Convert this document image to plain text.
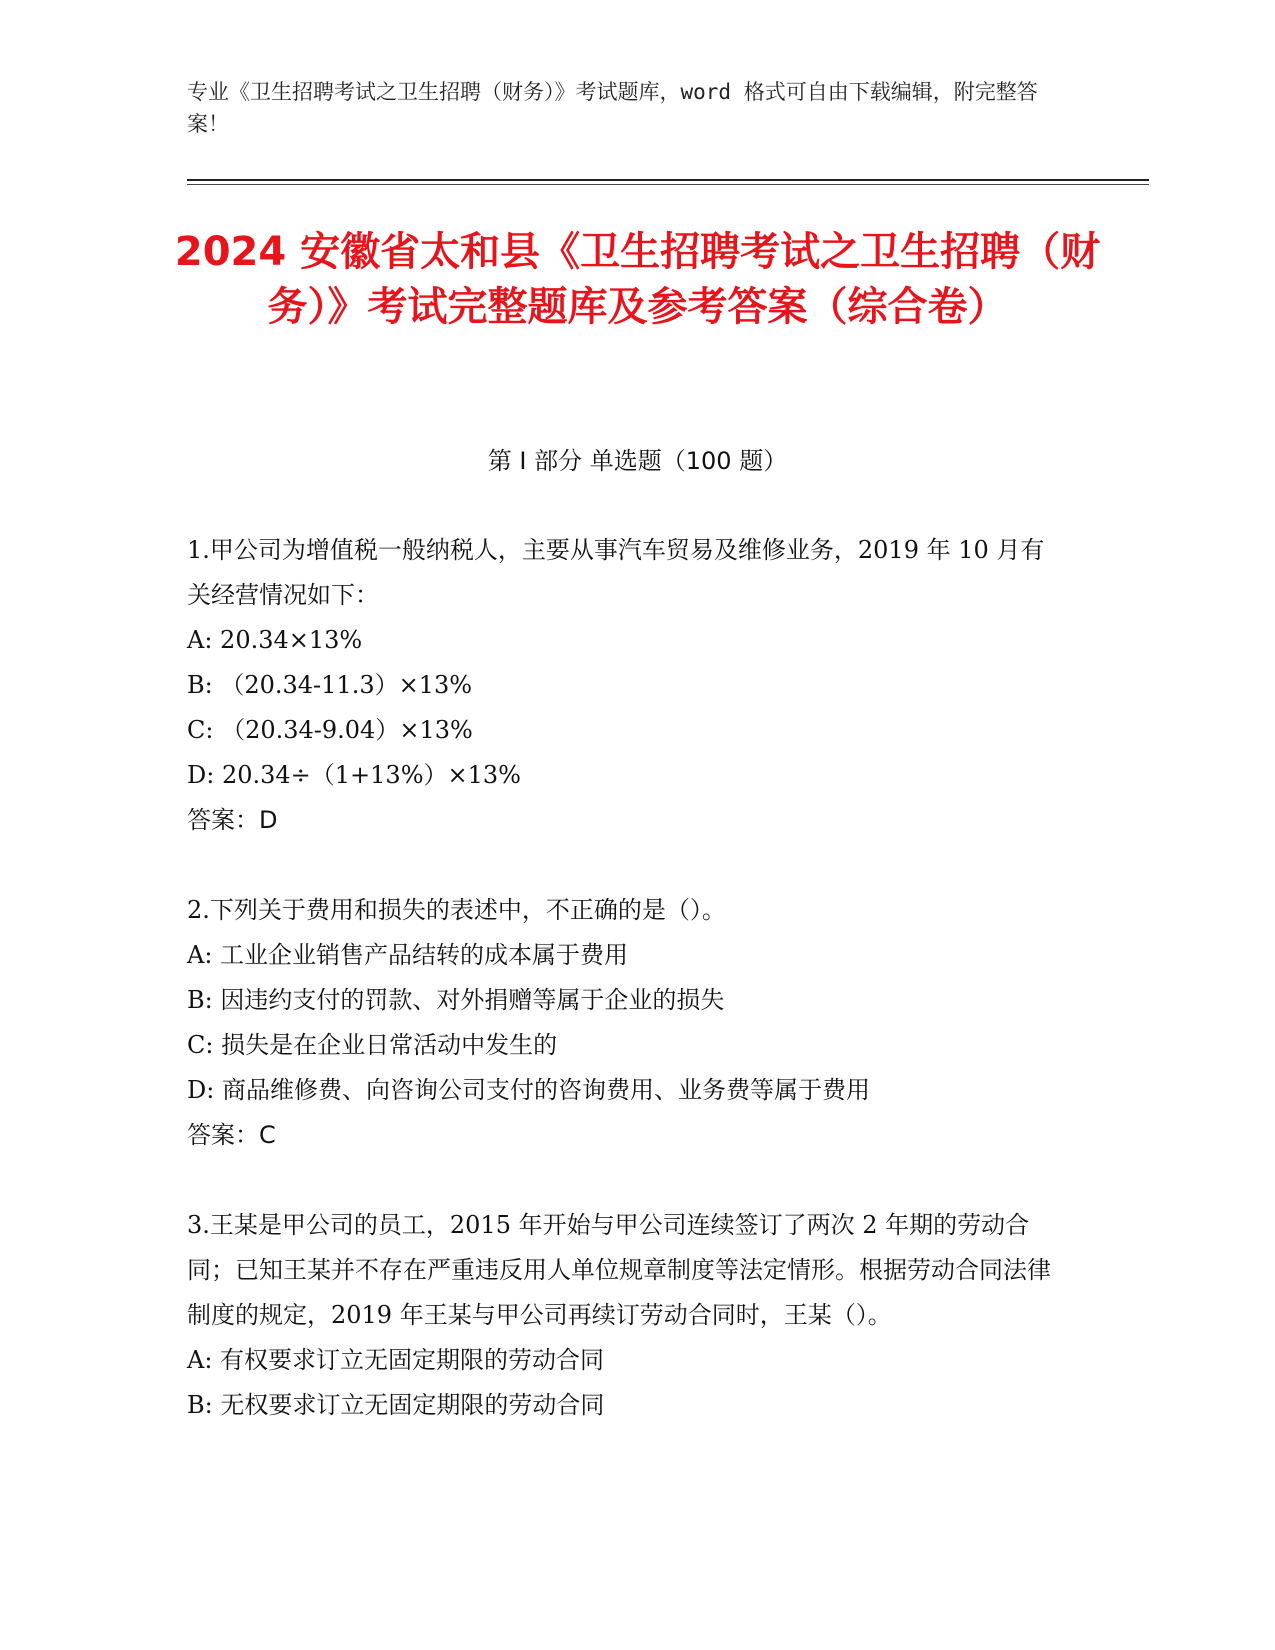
专业《卫生招聘考试之卫生招聘（财务）》考试题库，word 格式可自由下载编辑，附完整答案！
2024 安徽省太和县《卫生招聘考试之卫生招聘（财务）》考试完整题库及参考答案（综合卷）
第 I 部分 单选题（100 题）
1.甲公司为增值税一般纳税人，主要从事汽车贸易及维修业务，2019 年 10 月有关经营情况如下：
A: 20.34×13%
B: （20.34-11.3）×13%
C: （20.34-9.04）×13%
D: 20.34÷（1+13%）×13%
答案：D
2.下列关于费用和损失的表述中，不正确的是（）。
A: 工业企业销售产品结转的成本属于费用
B: 因违约支付的罚款、对外捐赠等属于企业的损失
C: 损失是在企业日常活动中发生的
D: 商品维修费、向咨询公司支付的咨询费用、业务费等属于费用
答案：C
3.王某是甲公司的员工，2015 年开始与甲公司连续签订了两次 2 年期的劳动合同；已知王某并不存在严重违反用人单位规章制度等法定情形。根据劳动合同法律制度的规定，2019 年王某与甲公司再续订劳动合同时，王某（）。
A: 有权要求订立无固定期限的劳动合同
B: 无权要求订立无固定期限的劳动合同
